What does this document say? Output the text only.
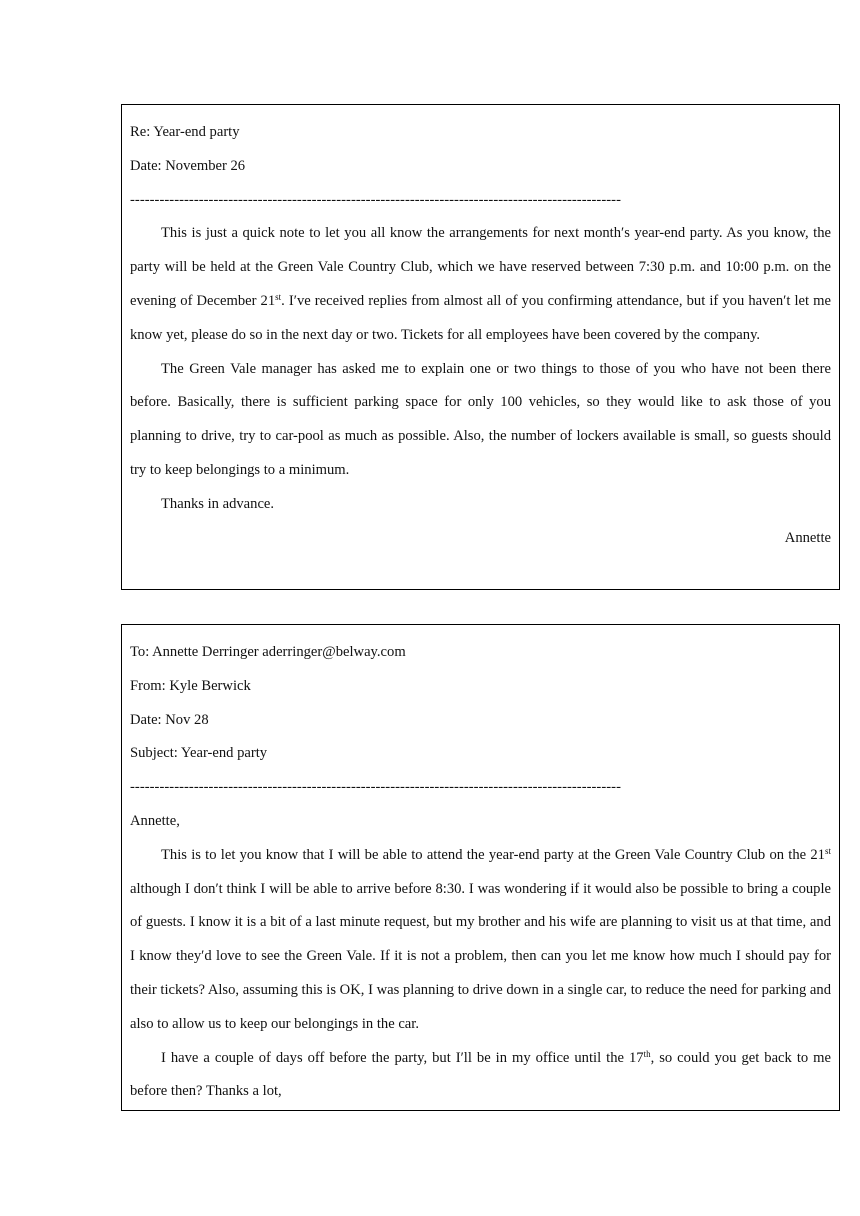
Re: Year-end party
Date: November 26
----------------------------------------------------------------------------------------------------

This is just a quick note to let you all know the arrangements for next month′s year-end party. As you know, the party will be held at the Green Vale Country Club, which we have reserved between 7:30 p.m. and 10:00 p.m. on the evening of December 21st. I′ve received replies from almost all of you confirming attendance, but if you haven′t let me know yet, please do so in the next day or two. Tickets for all employees have been covered by the company.

The Green Vale manager has asked me to explain one or two things to those of you who have not been there before. Basically, there is sufficient parking space for only 100 vehicles, so they would like to ask those of you planning to drive, try to car-pool as much as possible. Also, the number of lockers available is small, so guests should try to keep belongings to a minimum.

Thanks in advance.

Annette
To: Annette Derringer aderringer@belway.com
From: Kyle Berwick
Date: Nov 28
Subject: Year-end party
----------------------------------------------------------------------------------------------------
Annette,

This is to let you know that I will be able to attend the year-end party at the Green Vale Country Club on the 21st although I don′t think I will be able to arrive before 8:30. I was wondering if it would also be possible to bring a couple of guests. I know it is a bit of a last minute request, but my brother and his wife are planning to visit us at that time, and I know they′d love to see the Green Vale. If it is not a problem, then can you let me know how much I should pay for their tickets? Also, assuming this is OK, I was planning to drive down in a single car, to reduce the need for parking and also to allow us to keep our belongings in the car.

I have a couple of days off before the party, but I′ll be in my office until the 17th, so could you get back to me before then? Thanks a lot,
